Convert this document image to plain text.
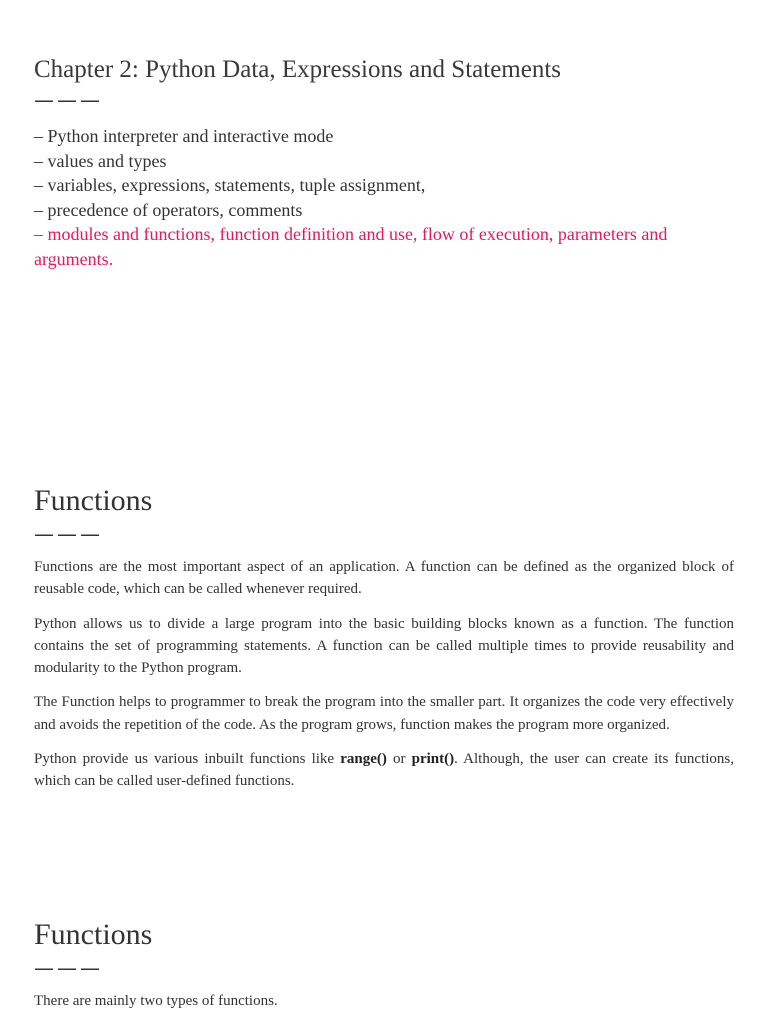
Chapter 2: Python Data, Expressions and Statements
———
– Python interpreter and interactive mode
– values and types
– variables, expressions, statements, tuple assignment,
– precedence of operators, comments
– modules and functions, function definition and use, flow of execution, parameters and arguments.
Functions
———

Functions are the most important aspect of an application. A function can be defined as the organized block of reusable code, which can be called whenever required.

Python allows us to divide a large program into the basic building blocks known as a function. The function contains the set of programming statements. A function can be called multiple times to provide reusability and modularity to the Python program.

The Function helps to programmer to break the program into the smaller part. It organizes the code very effectively and avoids the repetition of the code. As the program grows, function makes the program more organized.

Python provide us various inbuilt functions like range() or print(). Although, the user can create its functions, which can be called user-defined functions.

Functions
———

There are mainly two types of functions.
